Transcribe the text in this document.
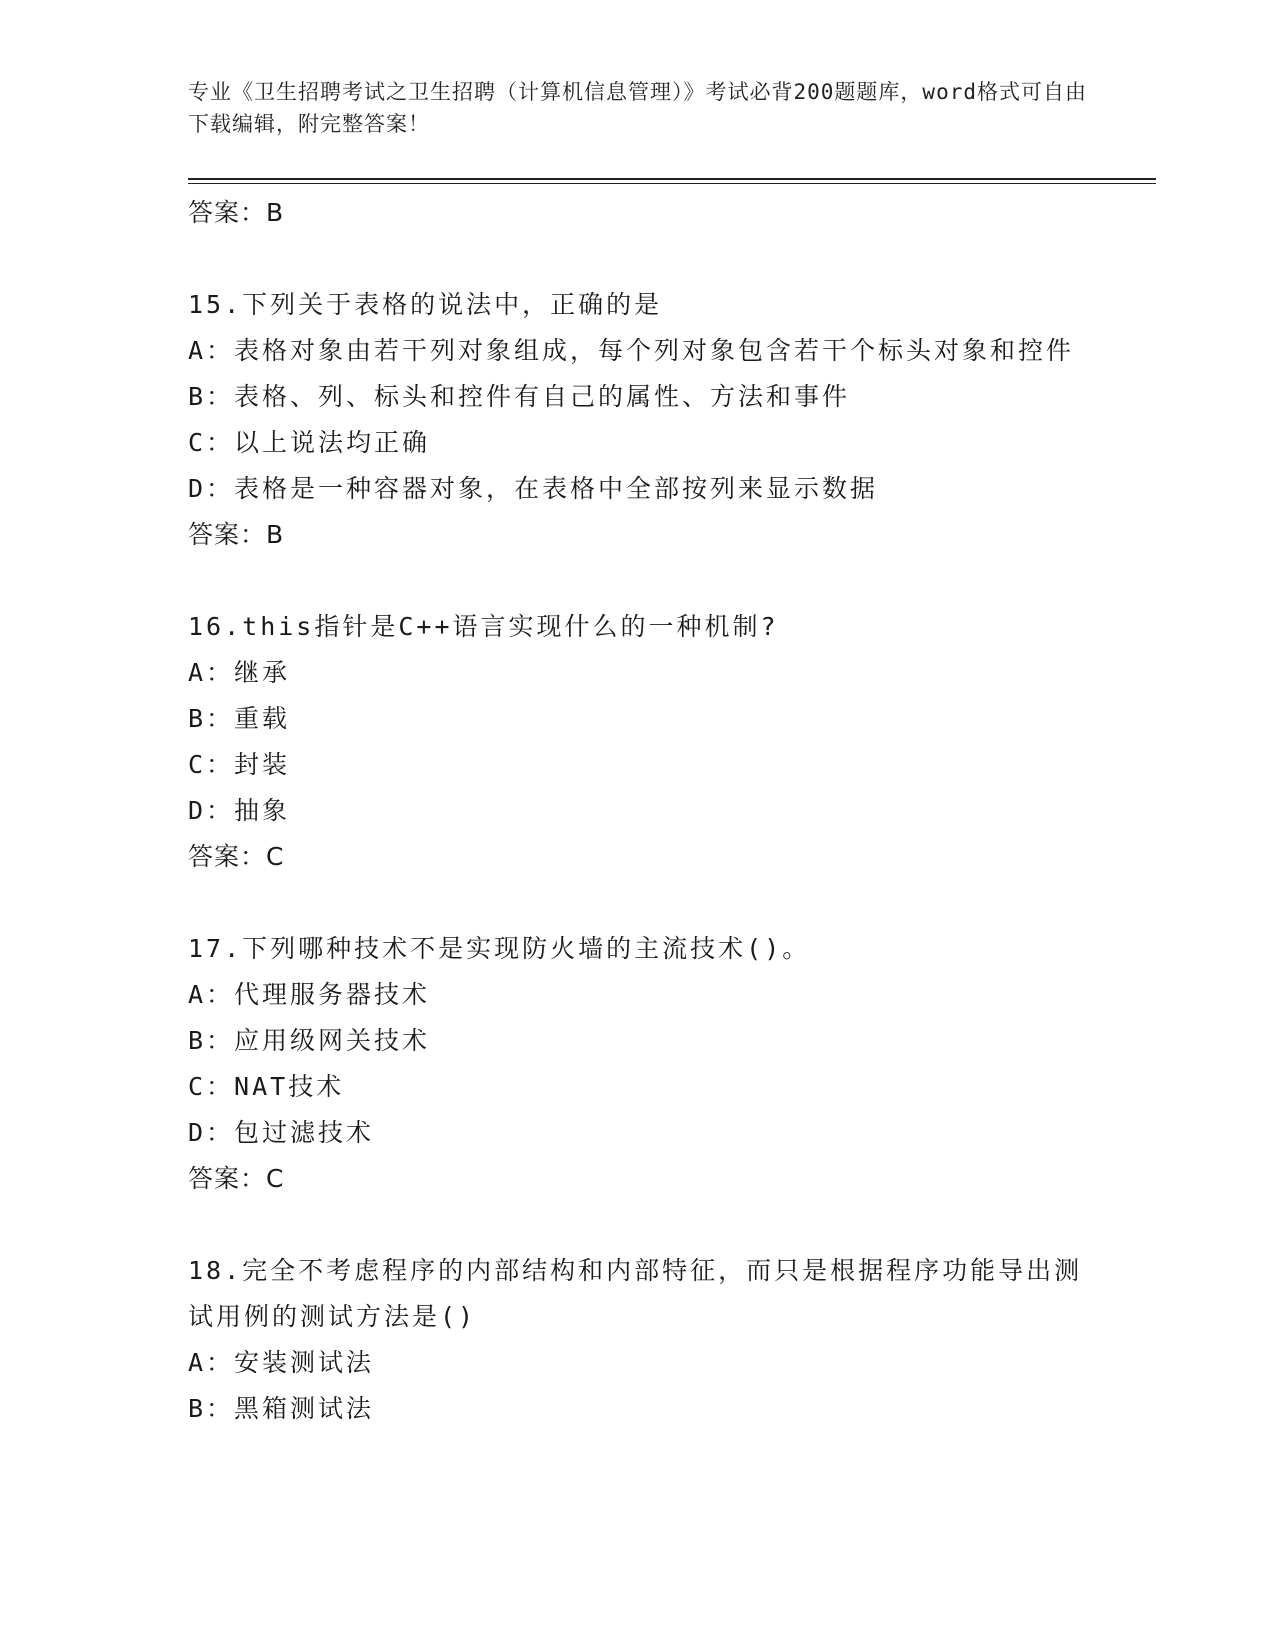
专业《卫生招聘考试之卫生招聘（计算机信息管理）》考试必背200题题库，word格式可自由下载编辑，附完整答案！
答案：B
15.下列关于表格的说法中，正确的是
A：表格对象由若干列对象组成，每个列对象包含若干个标头对象和控件
B：表格、列、标头和控件有自己的属性、方法和事件
C：以上说法均正确
D：表格是一种容器对象，在表格中全部按列来显示数据
答案：B
16.this指针是C++语言实现什么的一种机制?
A：继承
B：重载
C：封装
D：抽象
答案：C
17.下列哪种技术不是实现防火墙的主流技术()。
A：代理服务器技术
B：应用级网关技术
C：NAT技术
D：包过滤技术
答案：C
18.完全不考虑程序的内部结构和内部特征，而只是根据程序功能导出测试用例的测试方法是()
A：安装测试法
B：黑箱测试法
